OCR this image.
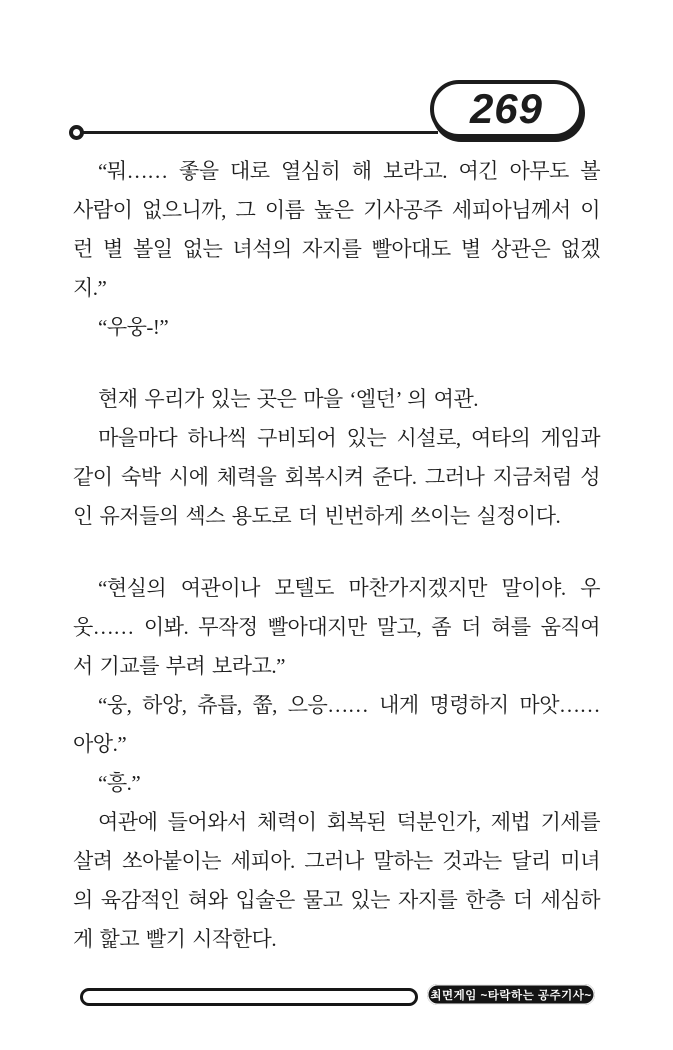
269
“뭐…… 좋을 대로 열심히 해 보라고. 여긴 아무도 볼
사람이 없으니까, 그 이름 높은 기사공주 세피아님께서 이
런 별 볼일 없는 녀석의 자지를 빨아대도 별 상관은 없겠
지.”
“우웅-!”
현재 우리가 있는 곳은 마을 ‘엘던’ 의 여관.
마을마다 하나씩 구비되어 있는 시설로, 여타의 게임과
같이 숙박 시에 체력을 회복시켜 준다. 그러나 지금처럼 성
인 유저들의 섹스 용도로 더 빈번하게 쓰이는 실정이다.
“현실의 여관이나 모텔도 마찬가지겠지만 말이야. 우
웃…… 이봐. 무작정 빨아대지만 말고, 좀 더 혀를 움직여
서 기교를 부려 보라고.”
“웅, 하앙, 츄릅, 쭙, 으응…… 내게 명령하지 마앗……
아앙.”
“흥.”
여관에 들어와서 체력이 회복된 덕분인가, 제법 기세를
살려 쏘아붙이는 세피아. 그러나 말하는 것과는 달리 미녀
의 육감적인 혀와 입술은 물고 있는 자지를 한층 더 세심하
게 핥고 빨기 시작한다.
최면게임 ~타락하는 공주기사~
